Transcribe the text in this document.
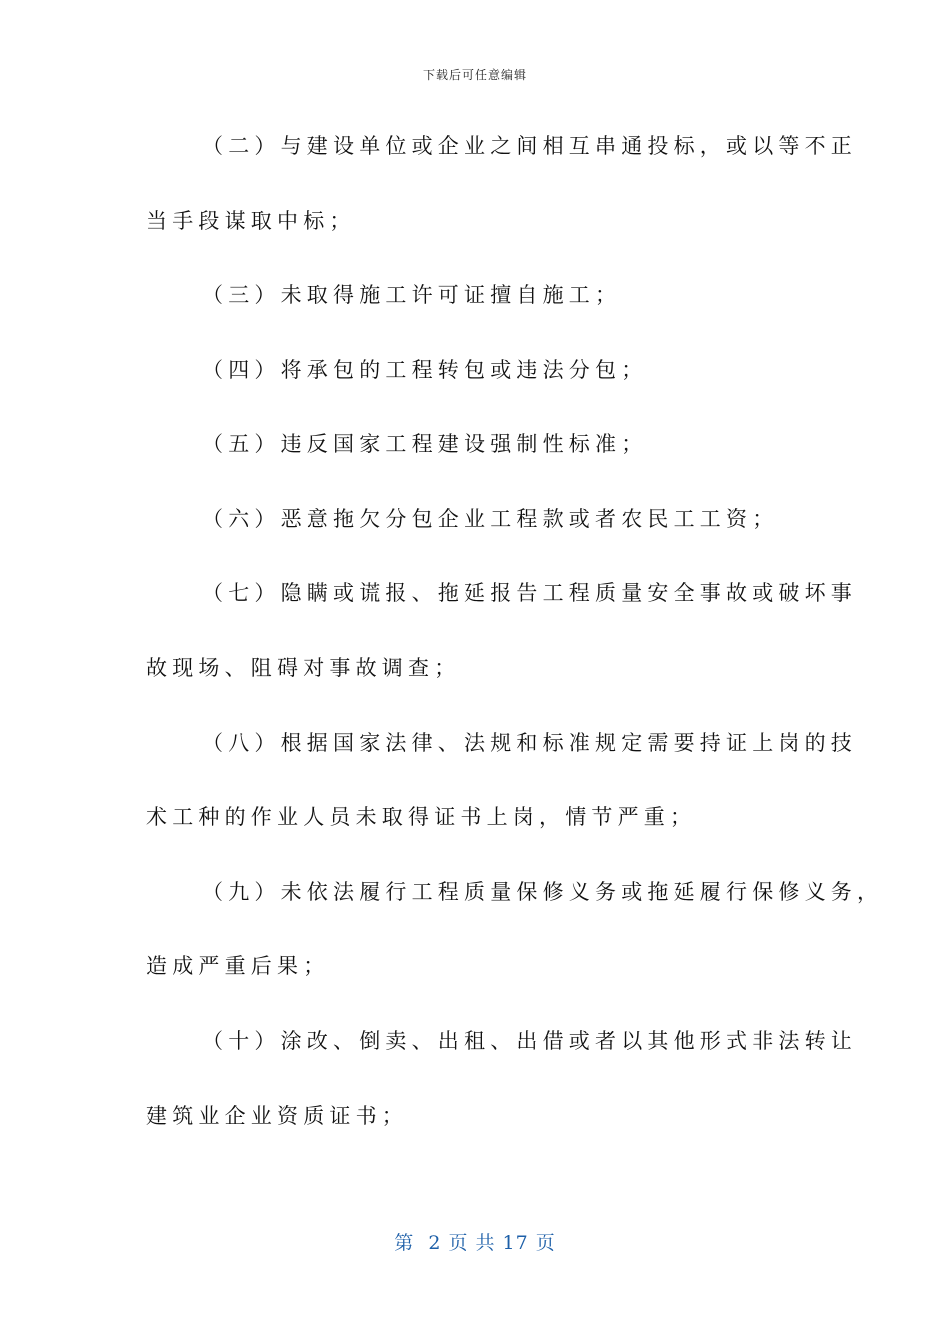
下载后可任意编辑
（二）与建设单位或企业之间相互串通投标，或以等不正
当手段谋取中标；
（三）未取得施工许可证擅自施工；
（四）将承包的工程转包或违法分包；
（五）违反国家工程建设强制性标准；
（六）恶意拖欠分包企业工程款或者农民工工资；
（七）隐瞒或谎报、拖延报告工程质量安全事故或破坏事
故现场、阻碍对事故调查；
（八）根据国家法律、法规和标准规定需要持证上岗的技
术工种的作业人员未取得证书上岗，情节严重；
（九）未依法履行工程质量保修义务或拖延履行保修义务，
造成严重后果；
（十）涂改、倒卖、出租、出借或者以其他形式非法转让
建筑业企业资质证书；
第  2 页 共 17 页
